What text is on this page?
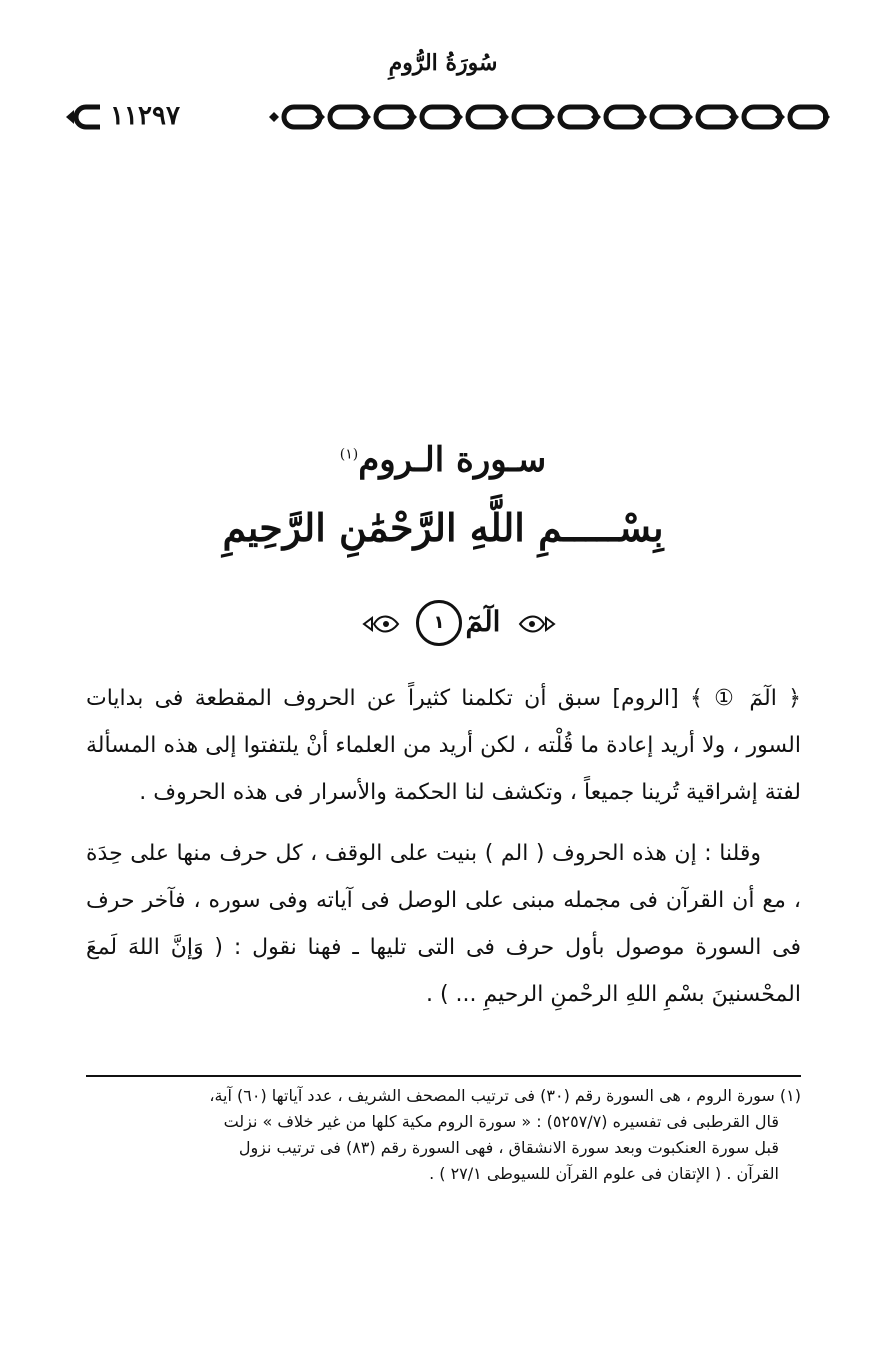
سُورَةُ الرُّومِ
١١٢٩٧
سـورة الـروم$^{(١)}$
بِسْـــــمِ اللَّهِ الرَّحْمَٰنِ الرَّحِيمِ
١ الٓمٓ

﴿ الٓمٓ ① ﴾ [الروم] سبق أن تكلمنا كثيراً عن الحروف المقطعة فى بدايات السور ، ولا أريد إعادة ما قُلْته ، لكن أريد من العلماء أنْ يلتفتوا إلى هذه المسألة لفتة إشراقية تُرينا جميعاً ، وتكشف لنا الحكمة والأسرار فى هذه الحروف .

وقلنا : إن هذه الحروف ( الم ) بنيت على الوقف ، كل حرف منها على حِدَة ، مع أن القرآن فى مجمله مبنى على الوصل فى آياته وفى سوره ، فآخر حرف فى السورة موصول بأول حرف فى التى تليها ـ فهنا نقول : ( وَإنَّ اللهَ لَمعَ المحْسنينَ بسْمِ اللهِ الرحْمنِ الرحيمِ ... ) .

(١) سورة الروم ، هى السورة رقم (٣٠) فى ترتيب المصحف الشريف ، عدد آياتها (٦٠) آية،

قال القرطبى فى تفسيره (٥٢٥٧/٧) : « سورة الروم مكية كلها من غير خلاف » نزلت

قبل سورة العنكبوت وبعد سورة الانشقاق ، فهى السورة رقم (٨٣) فى ترتيب نزول

القرآن . ( الإتقان فى علوم القرآن للسيوطى ٢٧/١ ) .
